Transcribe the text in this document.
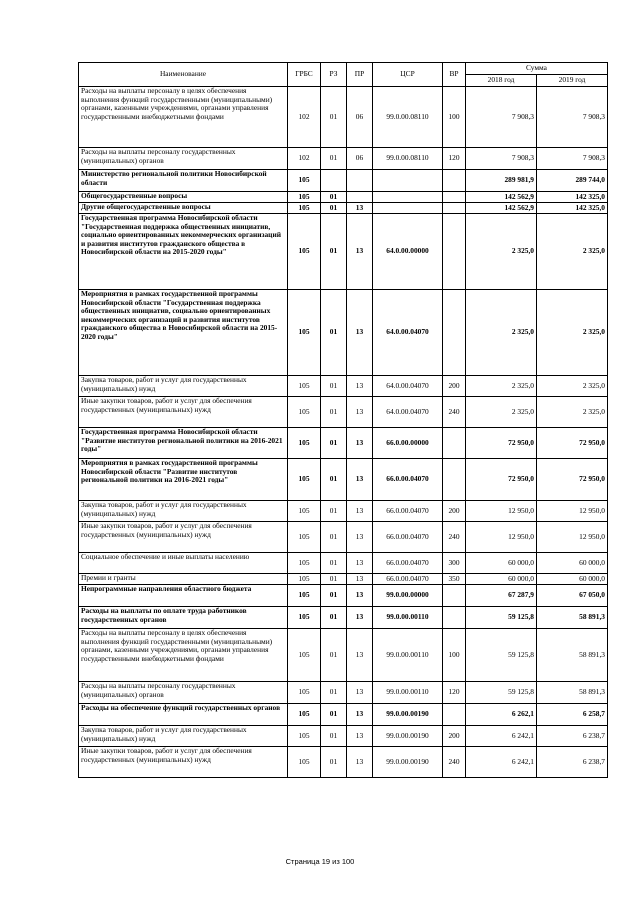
Наименование	ГРБС	РЗ	ПР	ЦСР	ВР	Сумма	
						2018 год	2019 год
Расходы на выплаты персоналу в целях обеспечения выполнения функций государственными (муниципальными) органами, казенными учреждениями, органами управления государственными внебюджетными фондами	102	01	06	99.0.00.08110	100	7 908,3	7 908,3
Расходы на выплаты персоналу государственных (муниципальных) органов	102	01	06	99.0.00.08110	120	7 908,3	7 908,3
Министерство региональной политики Новосибирской области	105					289 981,9	289 744,0
Общегосударственные вопросы	105	01				142 562,9	142 325,0
Другие общегосударственные вопросы	105	01	13			142 562,9	142 325,0
Государственная программа Новосибирской области "Государственная поддержка общественных инициатив, социально ориентированных некоммерческих организаций и развития институтов гражданского общества в Новосибирской области на 2015-2020 годы"	105	01	13	64.0.00.00000		2 325,0	2 325,0
Мероприятия в рамках государственной программы Новосибирской области "Государственная поддержка общественных инициатив, социально ориентированных некоммерческих организаций и развития институтов гражданского общества в Новосибирской области на 2015-2020 годы"	105	01	13	64.0.00.04070		2 325,0	2 325,0
Закупка товаров, работ и услуг для государственных (муниципальных) нужд	105	01	13	64.0.00.04070	200	2 325,0	2 325,0
Иные закупки товаров, работ и услуг для обеспечения государственных (муниципальных) нужд	105	01	13	64.0.00.04070	240	2 325,0	2 325,0
Государственная программа Новосибирской области "Развитие институтов региональной политики на 2016-2021 годы"	105	01	13	66.0.00.00000		72 950,0	72 950,0
Мероприятия в рамках государственной программы Новосибирской области "Развитие институтов региональной политики на 2016-2021 годы"	105	01	13	66.0.00.04070		72 950,0	72 950,0
Закупка товаров, работ и услуг для государственных (муниципальных) нужд	105	01	13	66.0.00.04070	200	12 950,0	12 950,0
Иные закупки товаров, работ и услуг для обеспечения государственных (муниципальных) нужд	105	01	13	66.0.00.04070	240	12 950,0	12 950,0
Социальное обеспечение и иные выплаты населению	105	01	13	66.0.00.04070	300	60 000,0	60 000,0
Премии и гранты	105	01	13	66.0.00.04070	350	60 000,0	60 000,0
Непрограммные направления областного бюджета	105	01	13	99.0.00.00000		67 287,9	67 050,0
Расходы на выплаты по оплате труда работников государственных органов	105	01	13	99.0.00.00110		59 125,8	58 891,3
Расходы на выплаты персоналу в целях обеспечения выполнения функций государственными (муниципальными) органами, казенными учреждениями, органами управления государственными внебюджетными фондами	105	01	13	99.0.00.00110	100	59 125,8	58 891,3
Расходы на выплаты персоналу государственных (муниципальных) органов	105	01	13	99.0.00.00110	120	59 125,8	58 891,3
Расходы на обеспечение функций государственных органов	105	01	13	99.0.00.00190		6 262,1	6 258,7
Закупка товаров, работ и услуг для государственных (муниципальных) нужд	105	01	13	99.0.00.00190	200	6 242,1	6 238,7
Иные закупки товаров, работ и услуг для обеспечения государственных (муниципальных) нужд	105	01	13	99.0.00.00190	240	6 242,1	6 238,7
Страница 19 из 100
